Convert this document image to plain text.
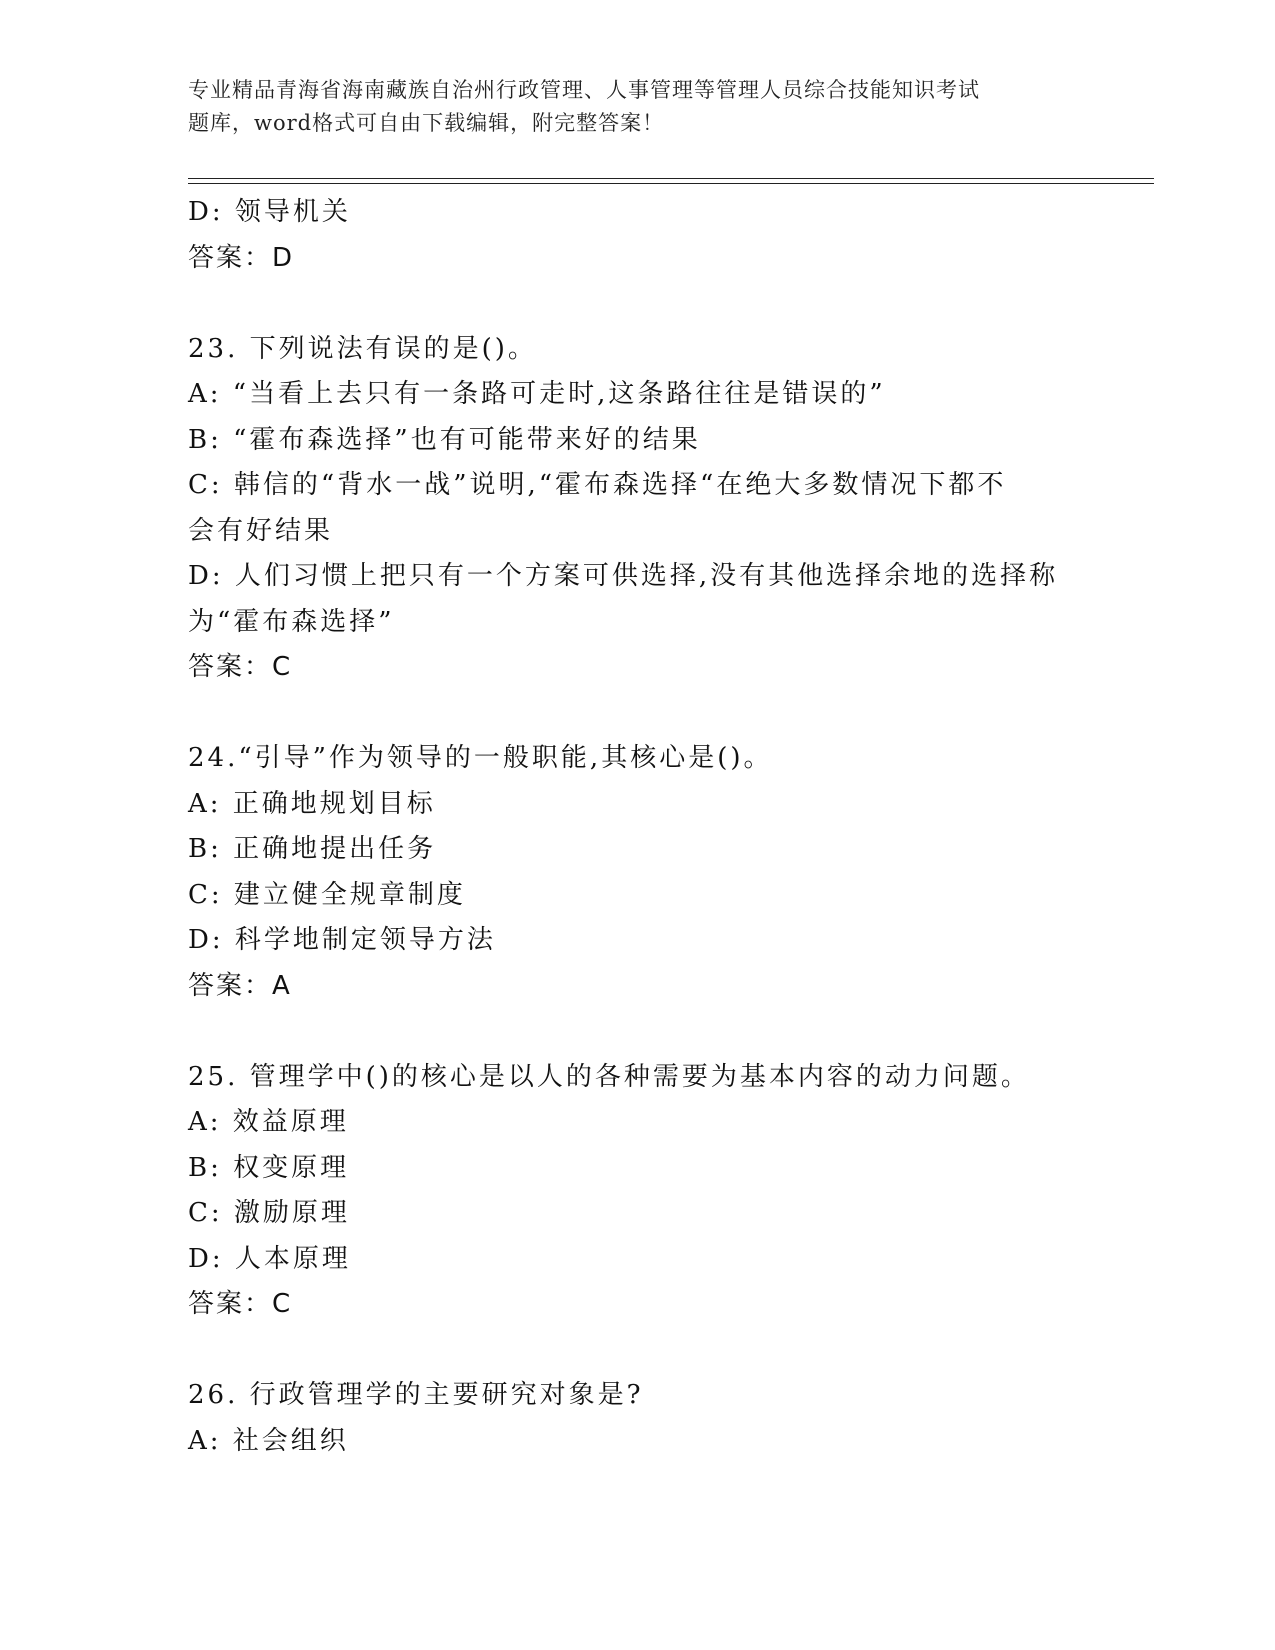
专业精品青海省海南藏族自治州行政管理、人事管理等管理人员综合技能知识考试
题库，word格式可自由下载编辑，附完整答案！
D: 领导机关
答案：D
23. 下列说法有误的是()。
A: “当看上去只有一条路可走时,这条路往往是错误的”
B: “霍布森选择”也有可能带来好的结果
C: 韩信的“背水一战”说明,“霍布森选择“在绝大多数情况下都不
会有好结果
D: 人们习惯上把只有一个方案可供选择,没有其他选择余地的选择称
为“霍布森选择”
答案：C
24.“引导”作为领导的一般职能,其核心是()。
A: 正确地规划目标
B: 正确地提出任务
C: 建立健全规章制度
D: 科学地制定领导方法
答案：A
25. 管理学中()的核心是以人的各种需要为基本内容的动力问题。
A: 效益原理
B: 权变原理
C: 激励原理
D: 人本原理
答案：C
26. 行政管理学的主要研究对象是?
A: 社会组织
